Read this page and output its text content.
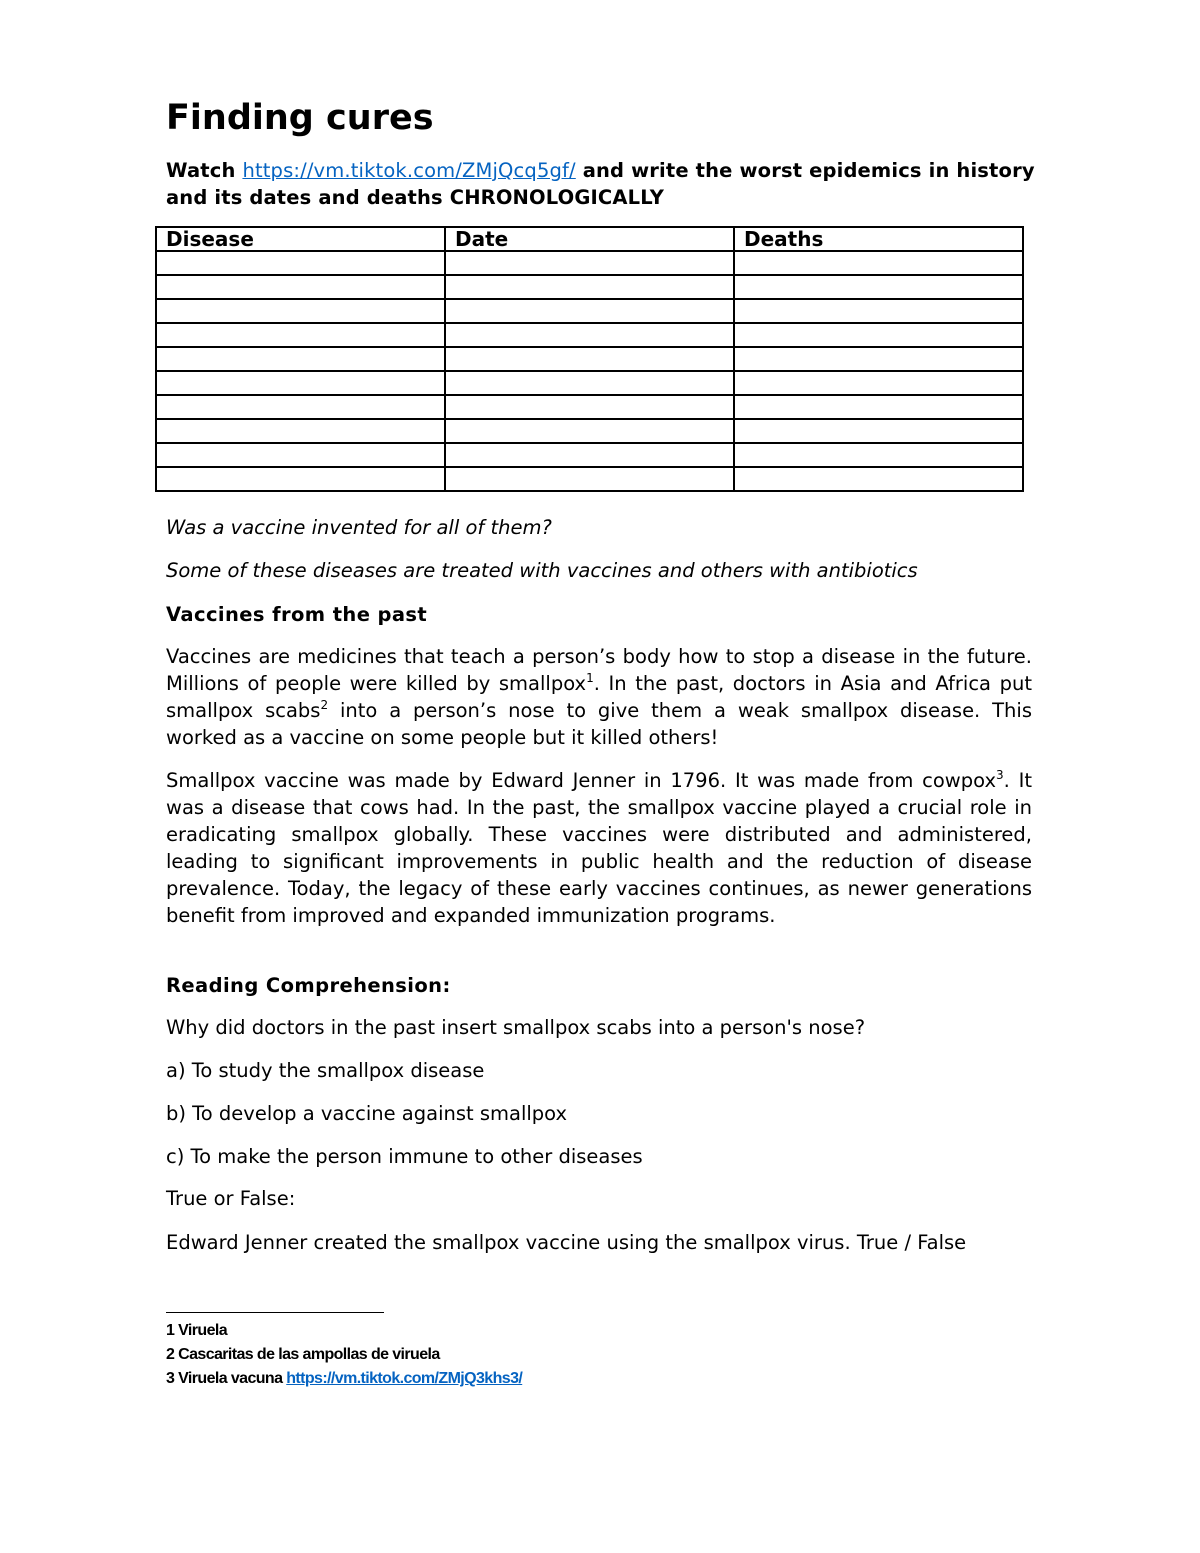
Finding cures

Watch https://vm.tiktok.com/ZMjQcq5gf/ and write the worst epidemics in history and its dates and deaths CHRONOLOGICALLY

Disease	Date	Deaths

Was a vaccine invented for all of them?

Some of these diseases are treated with vaccines and others with antibiotics

Vaccines from the past

Vaccines are medicines that teach a person’s body how to stop a disease in the future. Millions of people were killed by smallpox$^1$. In the past, doctors in Asia and Africa put smallpox scabs$^2$ into a person’s nose to give them a weak smallpox disease. This worked as a vaccine on some people but it killed others!

Smallpox vaccine was made by Edward Jenner in 1796. It was made from cowpox$^3$. It was a disease that cows had. In the past, the smallpox vaccine played a crucial role in eradicating smallpox globally. These vaccines were distributed and administered, leading to significant improvements in public health and the reduction of disease prevalence. Today, the legacy of these early vaccines continues, as newer generations benefit from improved and expanded immunization programs.

Reading Comprehension:

Why did doctors in the past insert smallpox scabs into a person's nose?

a) To study the smallpox disease

b) To develop a vaccine against smallpox

c) To make the person immune to other diseases

True or False:

Edward Jenner created the smallpox vaccine using the smallpox virus. True / False

1 Viruela

2 Cascaritas de las ampollas de viruela

3 Viruela vacuna https://vm.tiktok.com/ZMjQ3khs3/
